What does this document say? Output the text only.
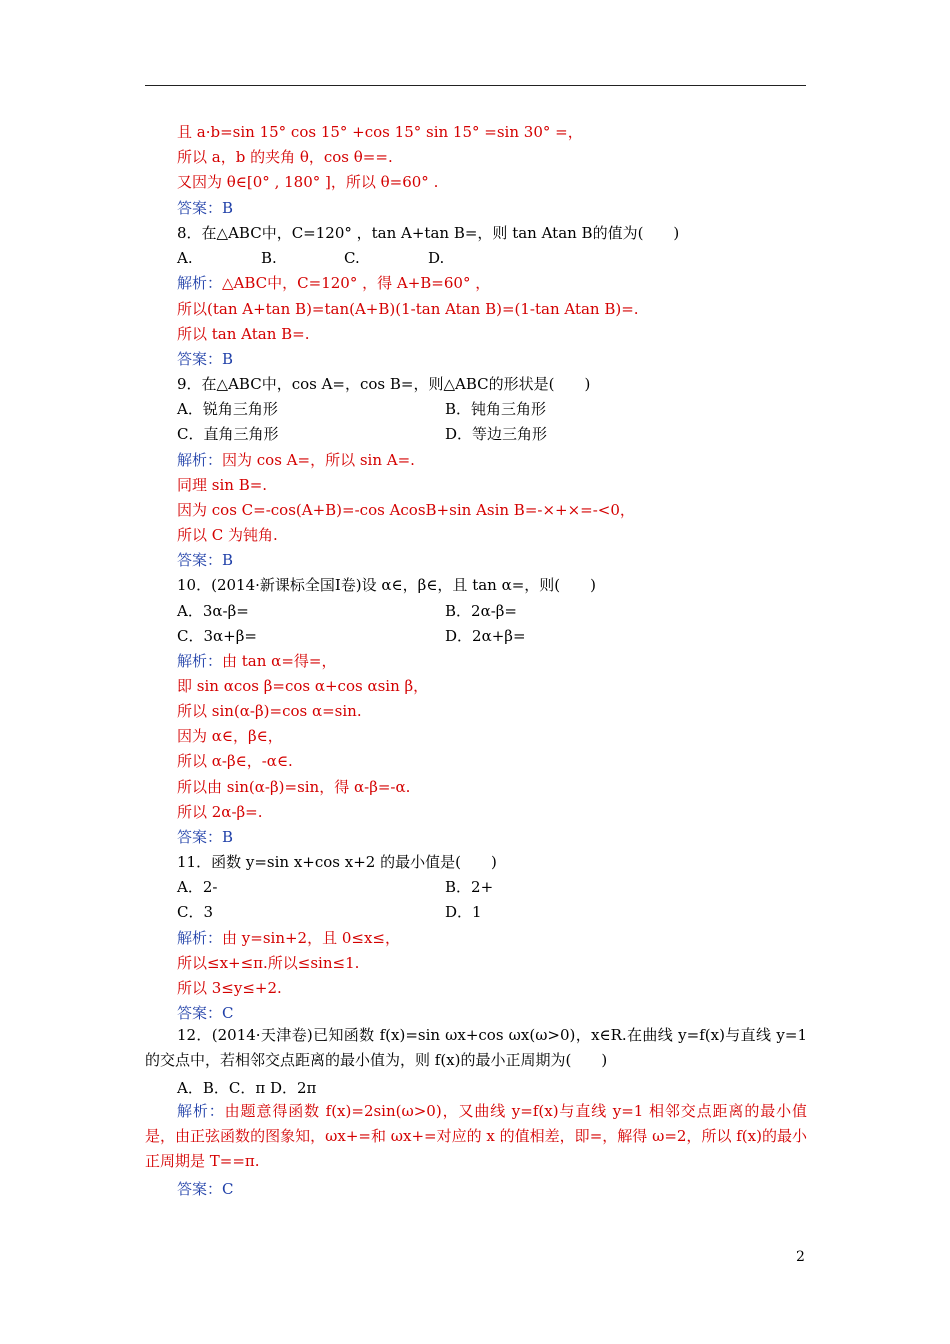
且 a·b=sin 15° cos 15° +cos 15° sin 15° =sin 30° =，
所以 a，b 的夹角 θ，cos θ==.
又因为 θ∈[0° , 180° ]，所以 θ=60° .
答案：B
8．在△ABC中，C=120° ，tan A+tan B=，则 tan Atan B的值为(　　)
A.	B.	C.	D.
解析：△ABC中，C=120° ，得 A+B=60° ，
所以(tan A+tan B)=tan(A+B)(1-tan Atan B)=(1-tan Atan B)=.
所以 tan Atan B=.
答案：B
9．在△ABC中，cos A=，cos B=，则△ABC的形状是(　　)
A．锐角三角形	B．钝角三角形
C．直角三角形	D．等边三角形
解析：因为 cos A=，所以 sin A=.
同理 sin B=.
因为 cos C=-cos(A+B)=-cos AcosB+sin Asin B=-×+×=-<0，
所以 C 为钝角.
答案：B
10．(2014·新课标全国Ⅰ卷)设 α∈，β∈，且 tan α=，则(　　)
A．3α-β=	B．2α-β=
C．3α+β=	D．2α+β=
解析：由 tan α=得=，
即 sin αcos β=cos α+cos αsin β，
所以 sin(α-β)=cos α=sin.
因为 α∈，β∈，
所以 α-β∈，-α∈.
所以由 sin(α-β)=sin，得 α-β=-α.
所以 2α-β=.
答案：B
11．函数 y=sin x+cos x+2 的最小值是(　　)
A．2-	B．2+
C．3	D．1
解析：由 y=sin+2，且 0≤x≤，
所以≤x+≤π.所以≤sin≤1.
所以 3≤y≤+2.
答案：C
12．(2014·天津卷)已知函数 f(x)=sin ωx+cos ωx(ω>0)，x∈R.在曲线 y=f(x)与直线 y=1 的交点中，若相邻交点距离的最小值为，则 f(x)的最小正周期为(　　)
A．B．C．π D．2π
解析：由题意得函数 f(x)=2sin(ω>0)，又曲线 y=f(x)与直线 y=1 相邻交点距离的最小值是，由正弦函数的图象知，ωx+=和 ωx+=对应的 x 的值相差，即=，解得 ω=2，所以 f(x)的最小正周期是 T==π.
答案：C
2
